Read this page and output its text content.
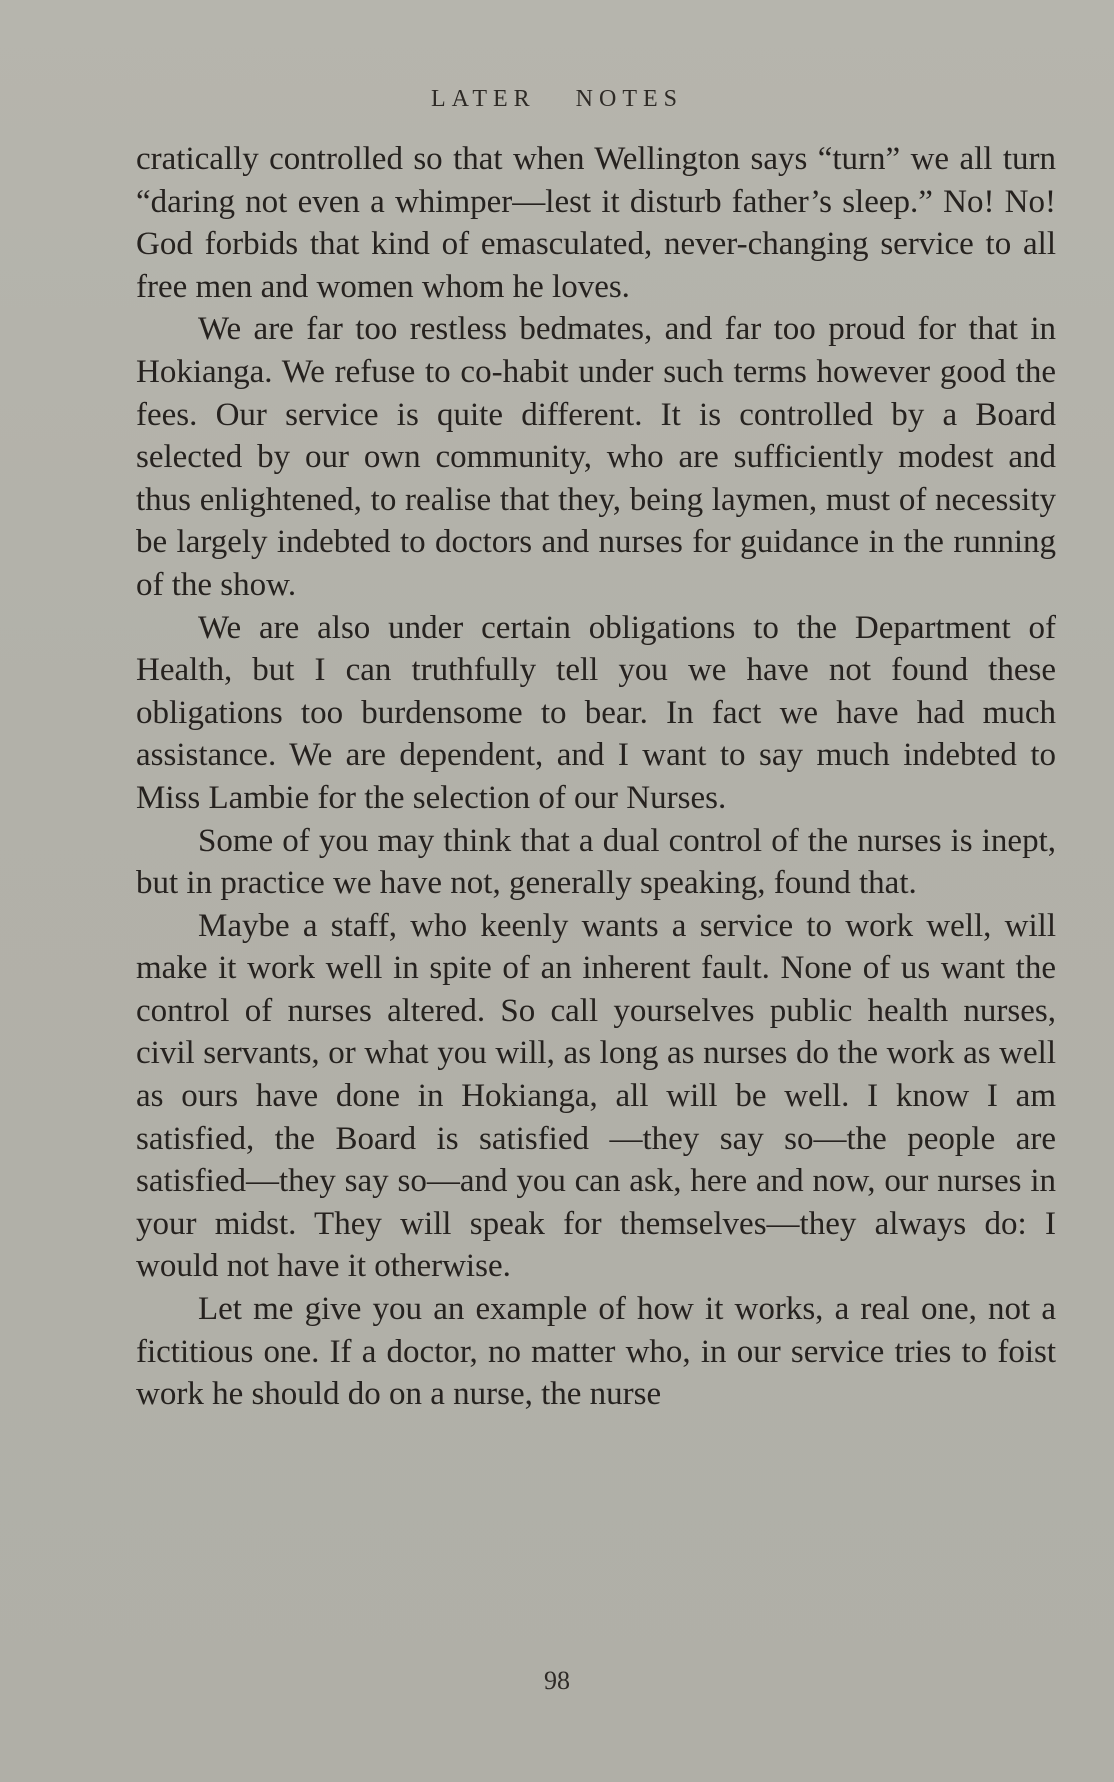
LATER NOTES

cratically controlled so that when Wellington says “turn” we all turn “daring not even a whimper—lest it disturb father’s sleep.” No! No! God forbids that kind of emasculated, never-changing service to all free men and women whom he loves.

We are far too restless bedmates, and far too proud for that in Hokianga. We refuse to co-habit under such terms however good the fees. Our service is quite different. It is controlled by a Board selected by our own community, who are sufficiently modest and thus enlightened, to realise that they, being laymen, must of necessity be largely indebted to doctors and nurses for guidance in the running of the show.

We are also under certain obligations to the Department of Health, but I can truthfully tell you we have not found these obligations too burdensome to bear. In fact we have had much assistance. We are dependent, and I want to say much indebted to Miss Lambie for the selection of our Nurses.

Some of you may think that a dual control of the nurses is inept, but in practice we have not, generally speaking, found that.

Maybe a staff, who keenly wants a service to work well, will make it work well in spite of an inherent fault. None of us want the control of nurses altered. So call yourselves public health nurses, civil servants, or what you will, as long as nurses do the work as well as ours have done in Hokianga, all will be well. I know I am satisfied, the Board is satisfied —they say so—the people are satisfied—they say so—and you can ask, here and now, our nurses in your midst. They will speak for themselves—they always do: I would not have it otherwise.

Let me give you an example of how it works, a real one, not a fictitious one. If a doctor, no matter who, in our service tries to foist work he should do on a nurse, the nurse

98
